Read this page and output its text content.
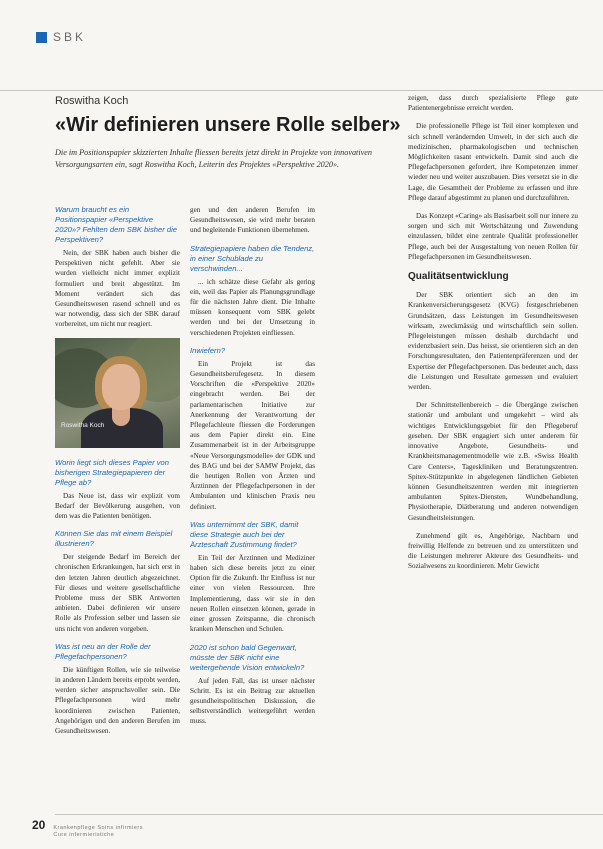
SBK
Roswitha Koch
«Wir definieren unsere Rolle selber»
Die im Positionspapier skizzierten Inhalte fliessen bereits jetzt direkt in Projekte von innovativen Versorgungsarten ein, sagt Roswitha Koch, Leiterin des Projektes «Perspektive 2020».
Warum braucht es ein Positionspapier «Perspektive 2020»? Fehlten dem SBK bisher die Perspektiven?
Nein, der SBK haben auch bisher die Perspektiven nicht gefehlt. Aber sie wurden vielleicht nicht immer explizit formuliert und breit abgestützt. Im Moment verändert sich das Gesundheitswesen rasend schnell und es war notwendig, dass sich der SBK darauf vorbereitet, um nicht nur reagiert.
Roswitha Koch
Worin liegt sich dieses Papier von bisherigen Strategiepapieren der Pflege ab?
Das Neue ist, dass wir explizit vom Bedarf der Bevölkerung ausgehen, von dem was die Patienten benötigen.
Können Sie das mit einem Beispiel illustrieren?
Der steigende Bedarf im Bereich der chronischen Erkrankungen, hat sich erst in den letzten Jahren deutlich abgezeichnet. Für dieses und weitere gesellschaftliche Probleme muss der SBK Antworten anbieten. Dabei definieren wir unsere Rolle als Profession selber und lassen sie uns nicht von anderen vorgeben.
Was ist neu an der Rolle der Pflegefachpersonen?
Die künftigen Rollen, wie sie teilweise in anderen Ländern bereits erprobt werden, werden sicher anspruchsvoller sein. Die Pflegefachpersonen wird mehr koordinieren zwischen Patienten, Angehörigen und den anderen Berufen im Gesundheitswesen.
gen und den anderen Berufen im Gesundheitswesen, sie wird mehr beraten und begleitende Funktionen übernehmen.
Strategiepapiere haben die Tendenz, in einer Schublade zu verschwinden...
... ich schätze diese Gefahr als gering ein, weil das Papier als Planungsgrundlage für die nächsten Jahre dient. Die Inhalte müssen konsequent vom SBK gelebt werden und bei der Umsetzung in verschiedenen Projekten einfliessen.
Inwiefern?
Ein Projekt ist das Gesundheitsberufegesetz. In diesem Vorschriften die «Perspektive 2020» eingebracht werden. Bei der parlamentarischen Initiative zur Anerkennung der Verantwortung der Pflegefachleute fliessen die Forderungen aus dem Papier direkt ein. Eine Zusammenarbeit ist in der Arbeitsgruppe «Neue Versorgungsmodelle» der GDK und des BAG und bei der SAMW Projekt, das die heutigen Rollen von Ärzten und Ärztinnen der Pflegefachpersonen in der Ambulanten und klinischen Praxis neu definiert.
Was unternimmt der SBK, damit diese Strategie auch bei der Ärzteschaft Zustimmung findet?
Ein Teil der Ärztinnen und Mediziner haben sich diese bereits jetzt zu einer Option für die Zukunft. Ihr Einfluss ist nur einer von vielen Ressourcen. Ihre Implementierung, dass wir sie in den neuen Rollen einsetzen können, gerade in einer grossen Zeitspanne, die chronisch kranken Menschen und Schulen.
2020 ist schon bald Gegenwart, müsste der SBK nicht eine weitergehende Vision entwickeln?
Auf jeden Fall, das ist unser nächster Schritt. Es ist ein Beitrag zur aktuellen gesundheitspolitischen Diskussion, die selbstverständlich weitergeführt werden muss.
zeigen, dass durch spezialisierte Pflege gute Patientenergebnisse erreicht werden.
Die professionelle Pflege ist Teil einer komplexen und sich schnell verändernden Umwelt, in der sich auch die medizinischen, pharmakologischen und technischen Möglichkeiten rasant entwickeln. Damit sind auch die Pflegefachpersonen gefordert, ihre Kompetenzen immer wieder neu und weiter auszubauen. Dies versetzt sie in die Lage, die Gesamtheit der Probleme zu erfassen und ihre Pflege darauf abgestimmt zu planen und durchzuführen.
Das Konzept «Caring» als Basisarbeit soll nur innere zu sorgen und sich mit Wertschätzung und Zuwendung einzulassen, bildet eine zentrale Qualität professioneller Pflege, auch bei der Ausgestaltung von neuen Rollen für Pflegefachpersonen im Gesundheitswesen.
Qualitätsentwicklung
Der SBK orientiert sich an den im Krankenversicherungsgesetz (KVG) festgeschriebenen Grundsätzen, dass Leistungen im Gesundheitswesen wirksam, zweckmässig und wirtschaftlich sein sollen. Pflegeleistungen müssen deshalb durchdacht und evidenzbasiert sein. Das heisst, sie orientieren sich an den Forschungsresultaten, den Patientenpräferenzen und der Expertise der Pflegefachpersonen. Das bedeutet auch, dass die Leistungen und Resultate gemessen und evaluiert werden.
Der Schnittstellenbereich – die Übergänge zwischen stationär und ambulant und umgekehrt – wird als wichtiges Entwicklungsgebiet für den Pflegeberuf gesehen. Der SBK engagiert sich unter anderem für innovative Angebote, Gesundheits- und Krankheitsmanagementmodelle wie z.B. «Swiss Health Care Centers», Tageskliniken und Beratungszentren. Spitex-Stützpunkte in abgelegenen ländlichen Gebieten können Gesundheitszentren werden mit integrierten ambulanten Spitex-Diensten, Wundbehandlung, Physiotherapie, Diätberatung und anderen notwendigen Gesundheitsleistungen.
Zunehmend gilt es, Angehörige, Nachbarn und freiwillig Helfende zu betreuen und zu unterstützen und die Leistungen mehrerer Akteure des Gesundheits- und Sozialwesens zu koordinieren. Mehr Gewicht
20 Krankenpflege Soins infirmiers
Cure infermieristiche
